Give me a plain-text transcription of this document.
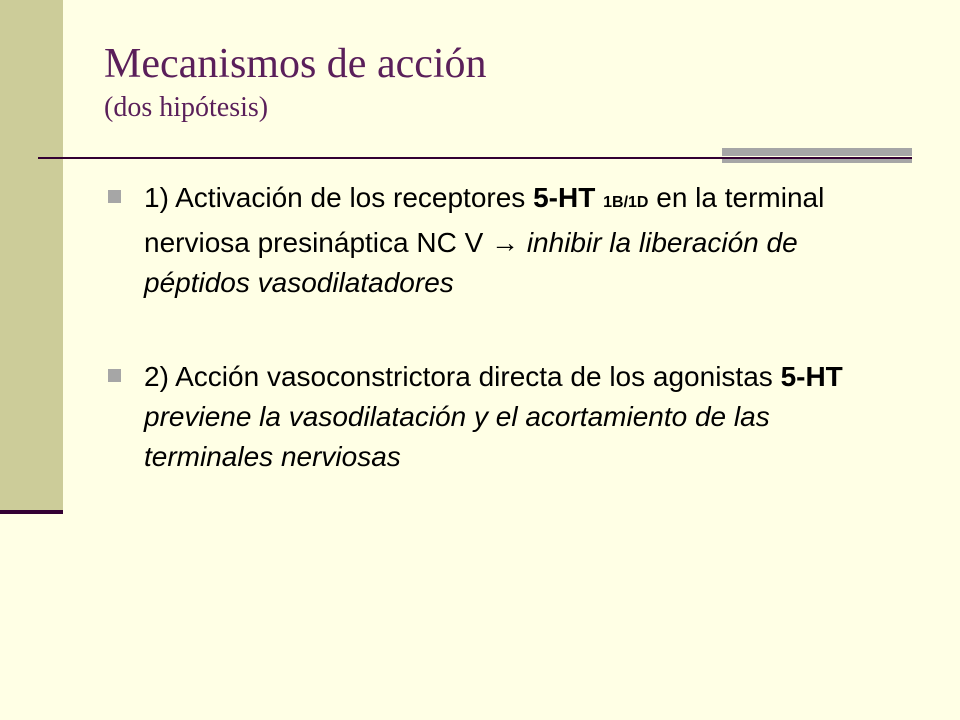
Mecanismos de acción
(dos hipótesis)
1) Activación de los receptores 5-HT 1B/1D en la terminal nerviosa presináptica NC V → inhibir la liberación de péptidos vasodilatadores
2) Acción vasoconstrictora directa de los agonistas 5-HT previene la vasodilatación y el acortamiento de las terminales nerviosas
